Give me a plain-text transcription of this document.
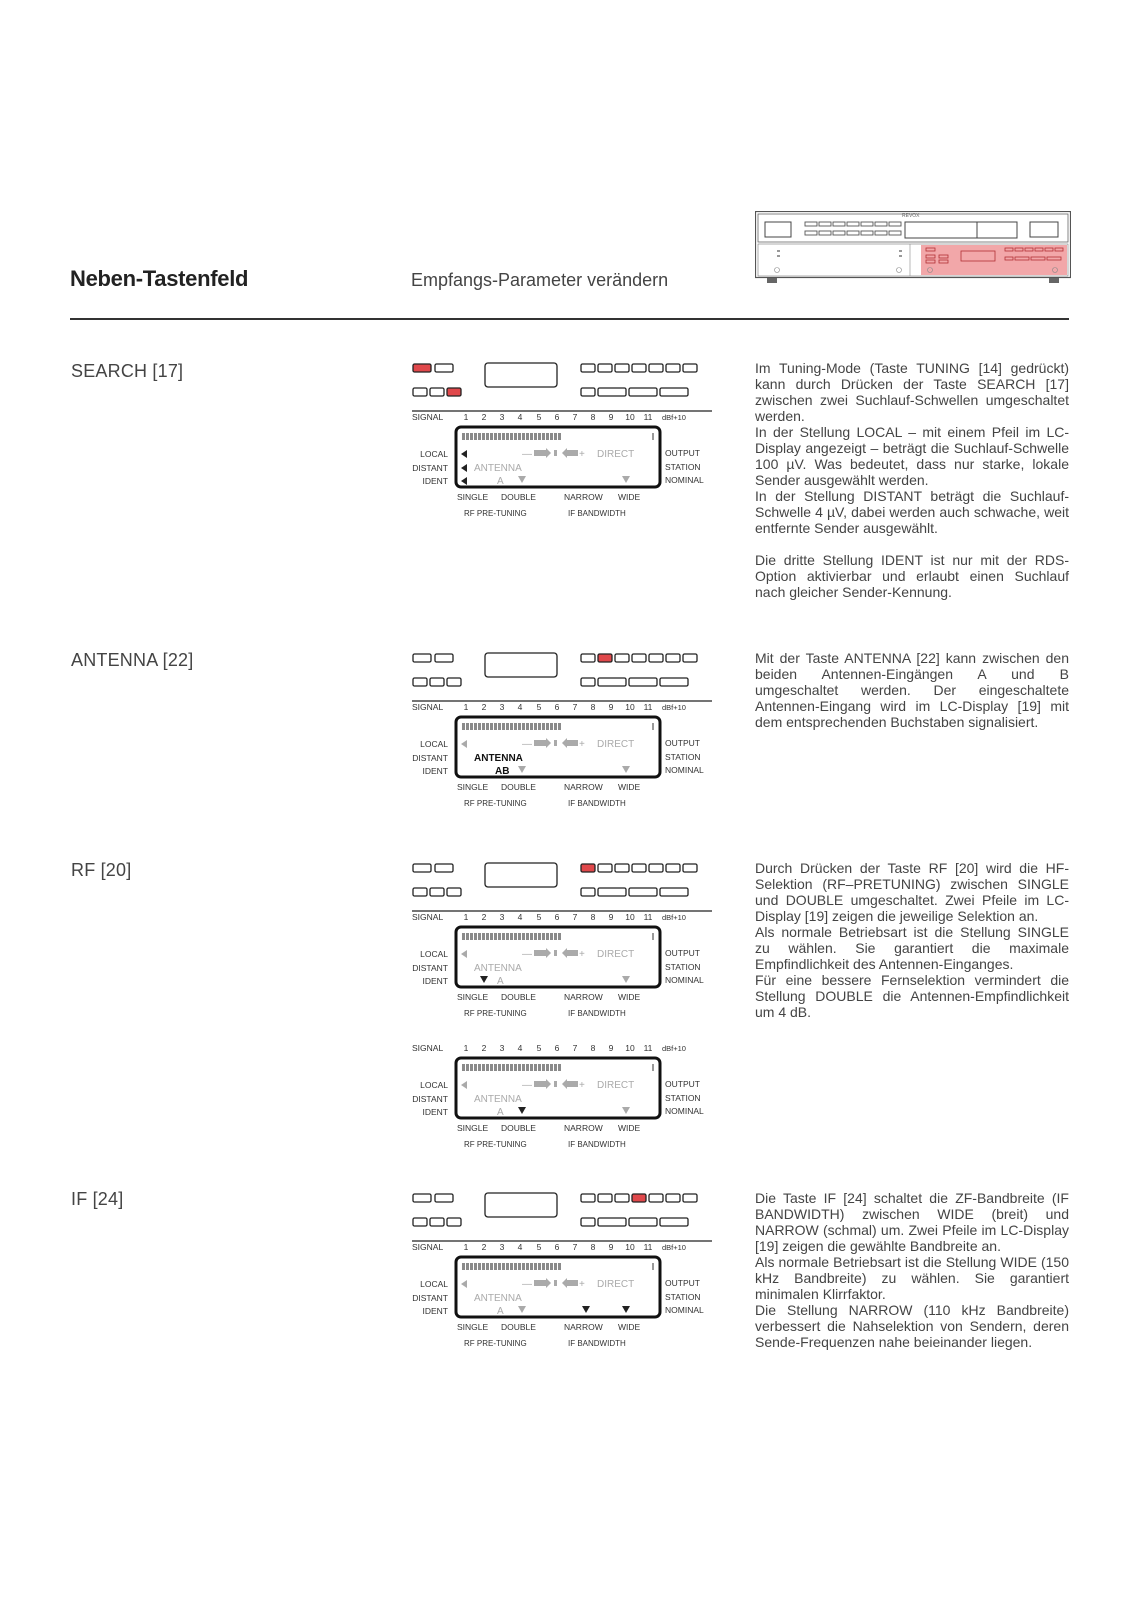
Neben-Tastenfeld	Empfangs-Parameter verändern
REVOX
SEARCH [17]
SIGNAL 1 2 3 4 5 6 7 8 9 10 11 dBf+10
LOCAL
DISTANT
IDENT
OUTPUT
STATION
NOMINAL
—	+ DIRECT
ANTENNA
A
SINGLE DOUBLE	NARROW WIDE
RF PRE-TUNING	IF BANDWIDTH

Im Tuning-Mode (Taste TUNING [14] gedrückt) kann durch Drücken der Taste SEARCH [17] zwischen zwei Suchlauf-Schwellen umgeschaltet werden.

In der Stellung LOCAL – mit einem Pfeil im LC-Display angezeigt – beträgt die Suchlauf-Schwelle 100 µV. Was bedeutet, dass nur starke, lokale Sender ausgewählt werden.

In der Stellung DISTANT beträgt die Suchlauf-Schwelle 4 µV, dabei werden auch schwache, weit entfernte Sender ausgewählt.

Die dritte Stellung IDENT ist nur mit der RDS-Option aktivierbar und erlaubt einen Suchlauf nach gleicher Sender-Kennung.

ANTENNA [22]
SIGNAL 1 2 3 4 5 6 7 8 9 10 11 dBf+10
LOCAL
DISTANT
IDENT
OUTPUT
STATION
NOMINAL
—	+ DIRECT
ANTENNA
AB
SINGLE DOUBLE	NARROW WIDE
RF PRE-TUNING	IF BANDWIDTH

Mit der Taste ANTENNA [22] kann zwischen den beiden Antennen-Eingängen A und B umgeschaltet werden. Der eingeschaltete Antennen-Eingang wird im LC-Display [19] mit dem entsprechenden Buchstaben signalisiert.

RF [20]
SIGNAL 1 2 3 4 5 6 7 8 9 10 11 dBf+10
LOCAL
DISTANT
IDENT
OUTPUT
STATION
NOMINAL
—	+ DIRECT
ANTENNA
A
SINGLE DOUBLE	NARROW WIDE
RF PRE-TUNING	IF BANDWIDTH
SIGNAL 1 2 3 4 5 6 7 8 9 10 11 dBf+10
LOCAL
DISTANT
IDENT
OUTPUT
STATION
NOMINAL
—	+ DIRECT
ANTENNA
A
SINGLE DOUBLE	NARROW WIDE
RF PRE-TUNING	IF BANDWIDTH

Durch Drücken der Taste RF [20] wird die HF-Selektion (RF–PRETUNING) zwischen SINGLE und DOUBLE umgeschaltet. Zwei Pfeile im LC-Display [19] zeigen die jeweilige Selektion an.

Als normale Betriebsart ist die Stellung SINGLE zu wählen. Sie garantiert die maximale Empfindlichkeit des Antennen-Einganges.

Für eine bessere Fernselektion vermindert die Stellung DOUBLE die Antennen-Empfindlichkeit um 4 dB.

IF [24]
SIGNAL 1 2 3 4 5 6 7 8 9 10 11 dBf+10
LOCAL
DISTANT
IDENT
OUTPUT
STATION
NOMINAL
—	+ DIRECT
ANTENNA
A
SINGLE DOUBLE	NARROW WIDE
RF PRE-TUNING	IF BANDWIDTH

Die Taste IF [24] schaltet die ZF-Bandbreite (IF BANDWIDTH) zwischen WIDE (breit) und NARROW (schmal) um. Zwei Pfeile im LC-Display [19] zeigen die gewählte Bandbreite an.

Als normale Betriebsart ist die Stellung WIDE (150 kHz Bandbreite) zu wählen. Sie garantiert minimalen Klirrfaktor.

Die Stellung NARROW (110 kHz Bandbreite) verbessert die Nahselektion von Sendern, deren Sende-Frequenzen nahe beieinander liegen.
